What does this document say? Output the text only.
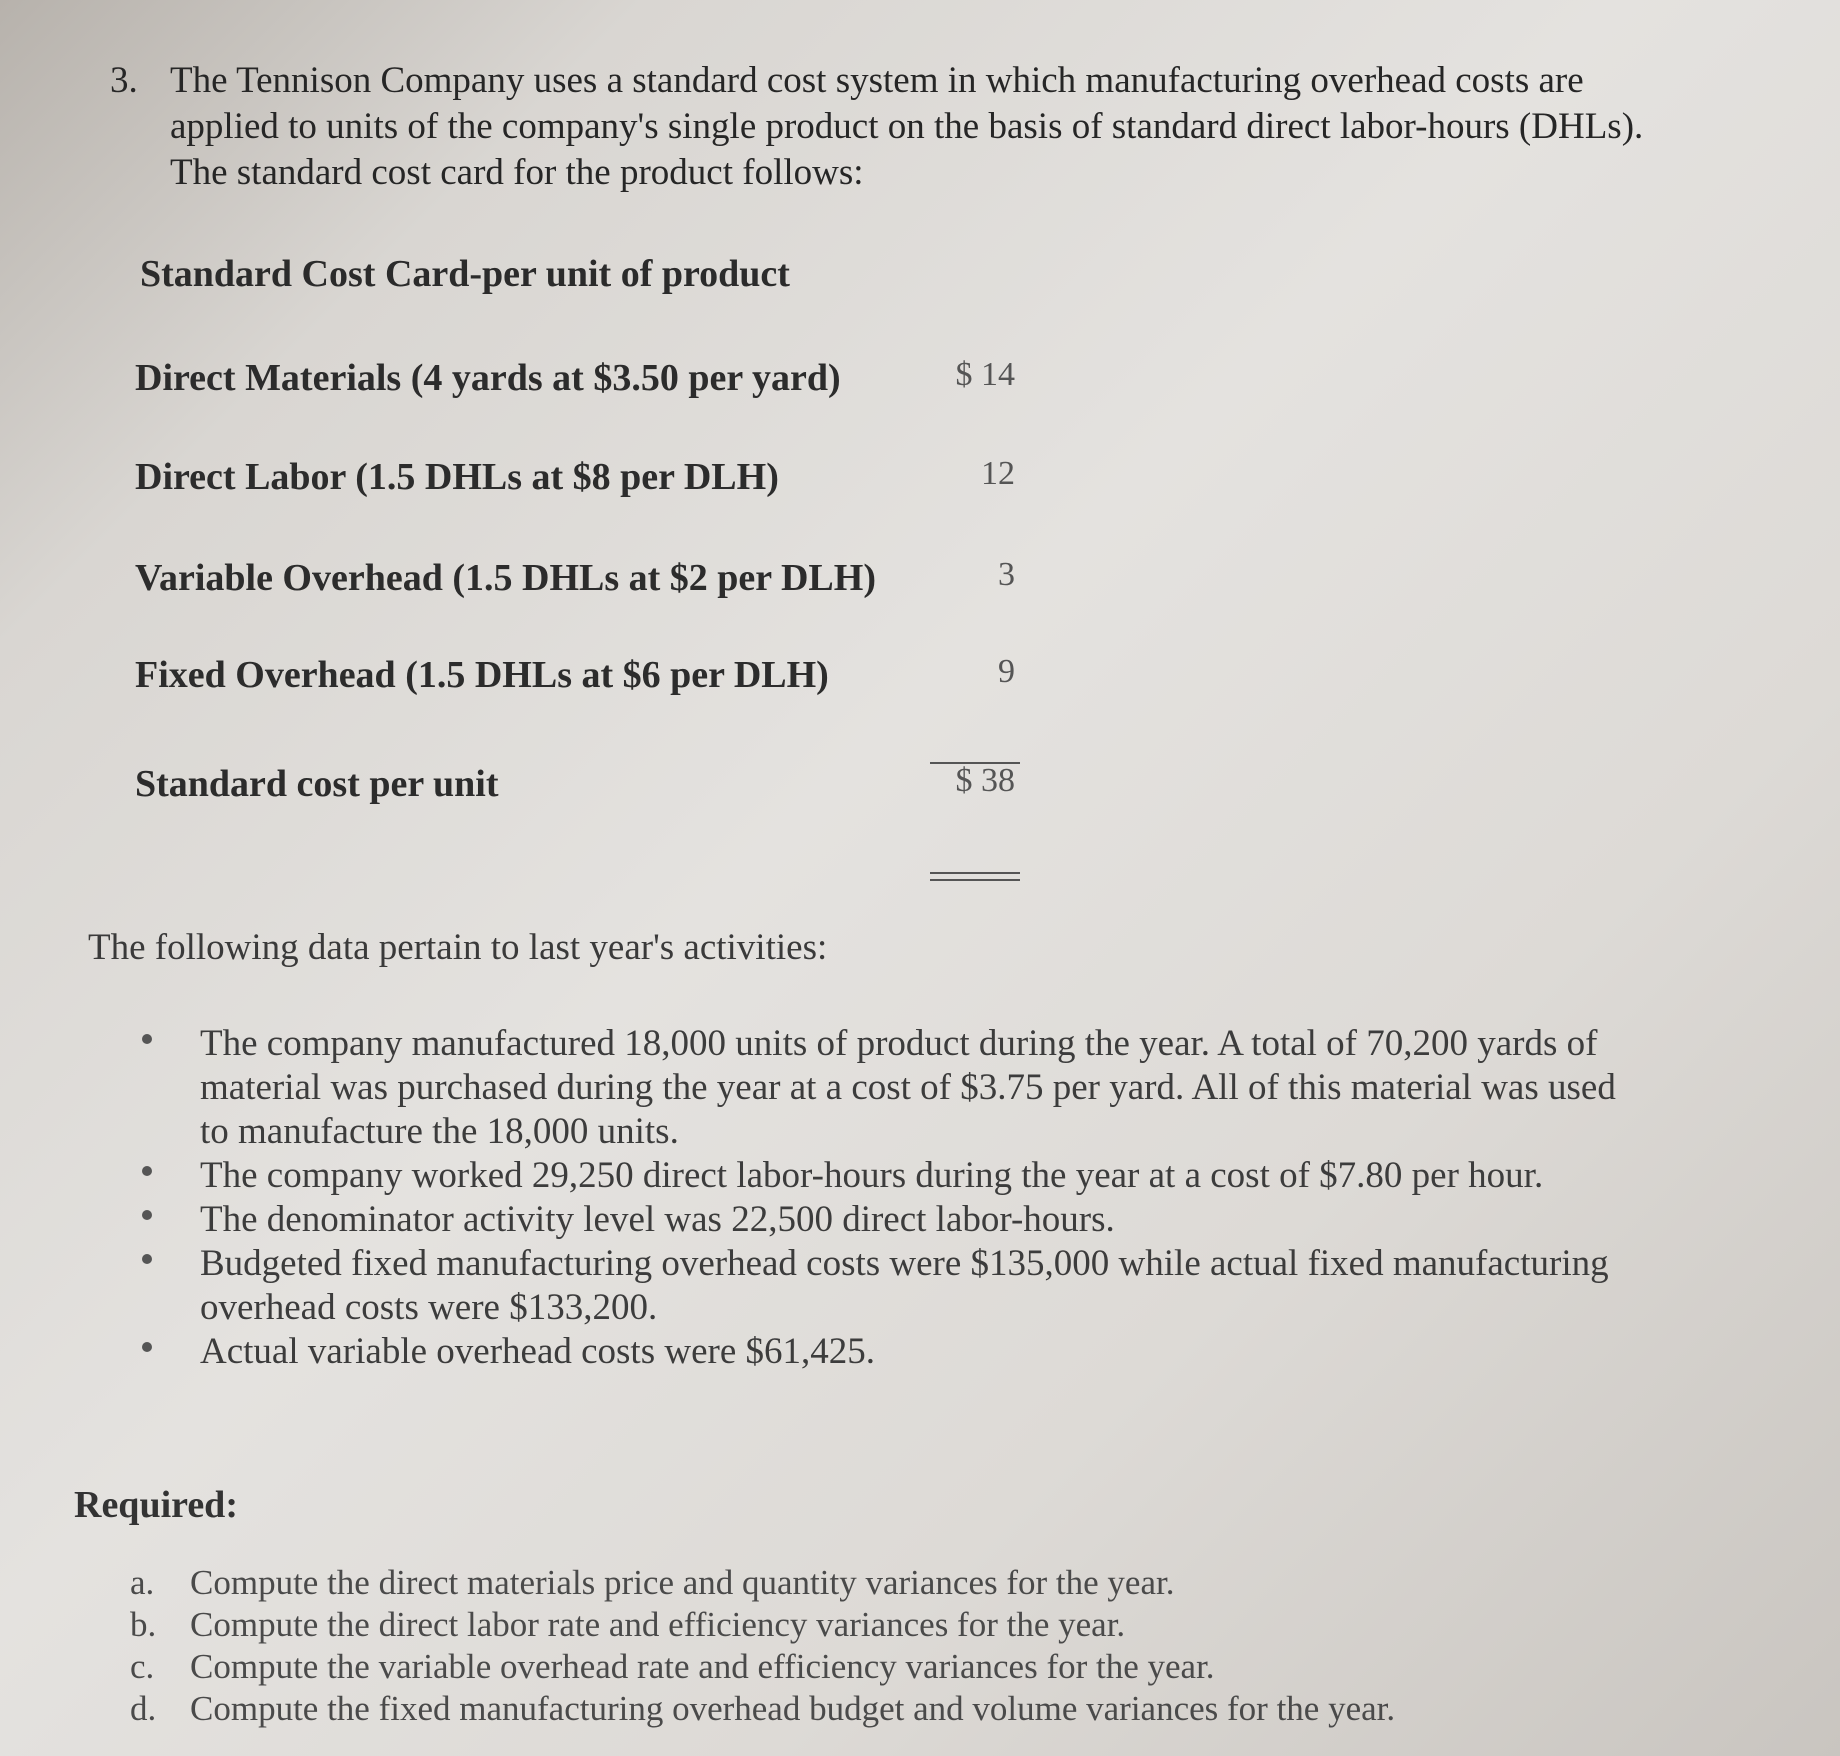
3. The Tennison Company uses a standard cost system in which manufacturing overhead costs are applied to units of the company's single product on the basis of standard direct labor-hours (DHLs). The standard cost card for the product follows:
Standard Cost Card-per unit of product
Direct Materials (4 yards at $3.50 per yard)	$ 14
Direct Labor (1.5 DHLs at $8 per DLH)	12
Variable Overhead (1.5 DHLs at $2 per DLH)	3
Fixed Overhead (1.5 DHLs at $6 per DLH)	9
Standard cost per unit	$ 38
The following data pertain to last year's activities:
The company manufactured 18,000 units of product during the year. A total of 70,200 yards of material was purchased during the year at a cost of $3.75 per yard. All of this material was used to manufacture the 18,000 units.
The company worked 29,250 direct labor-hours during the year at a cost of $7.80 per hour.
The denominator activity level was 22,500 direct labor-hours.
Budgeted fixed manufacturing overhead costs were $135,000 while actual fixed manufacturing overhead costs were $133,200.
Actual variable overhead costs were $61,425.
Required:
a. Compute the direct materials price and quantity variances for the year.
b. Compute the direct labor rate and efficiency variances for the year.
c. Compute the variable overhead rate and efficiency variances for the year.
d. Compute the fixed manufacturing overhead budget and volume variances for the year.
